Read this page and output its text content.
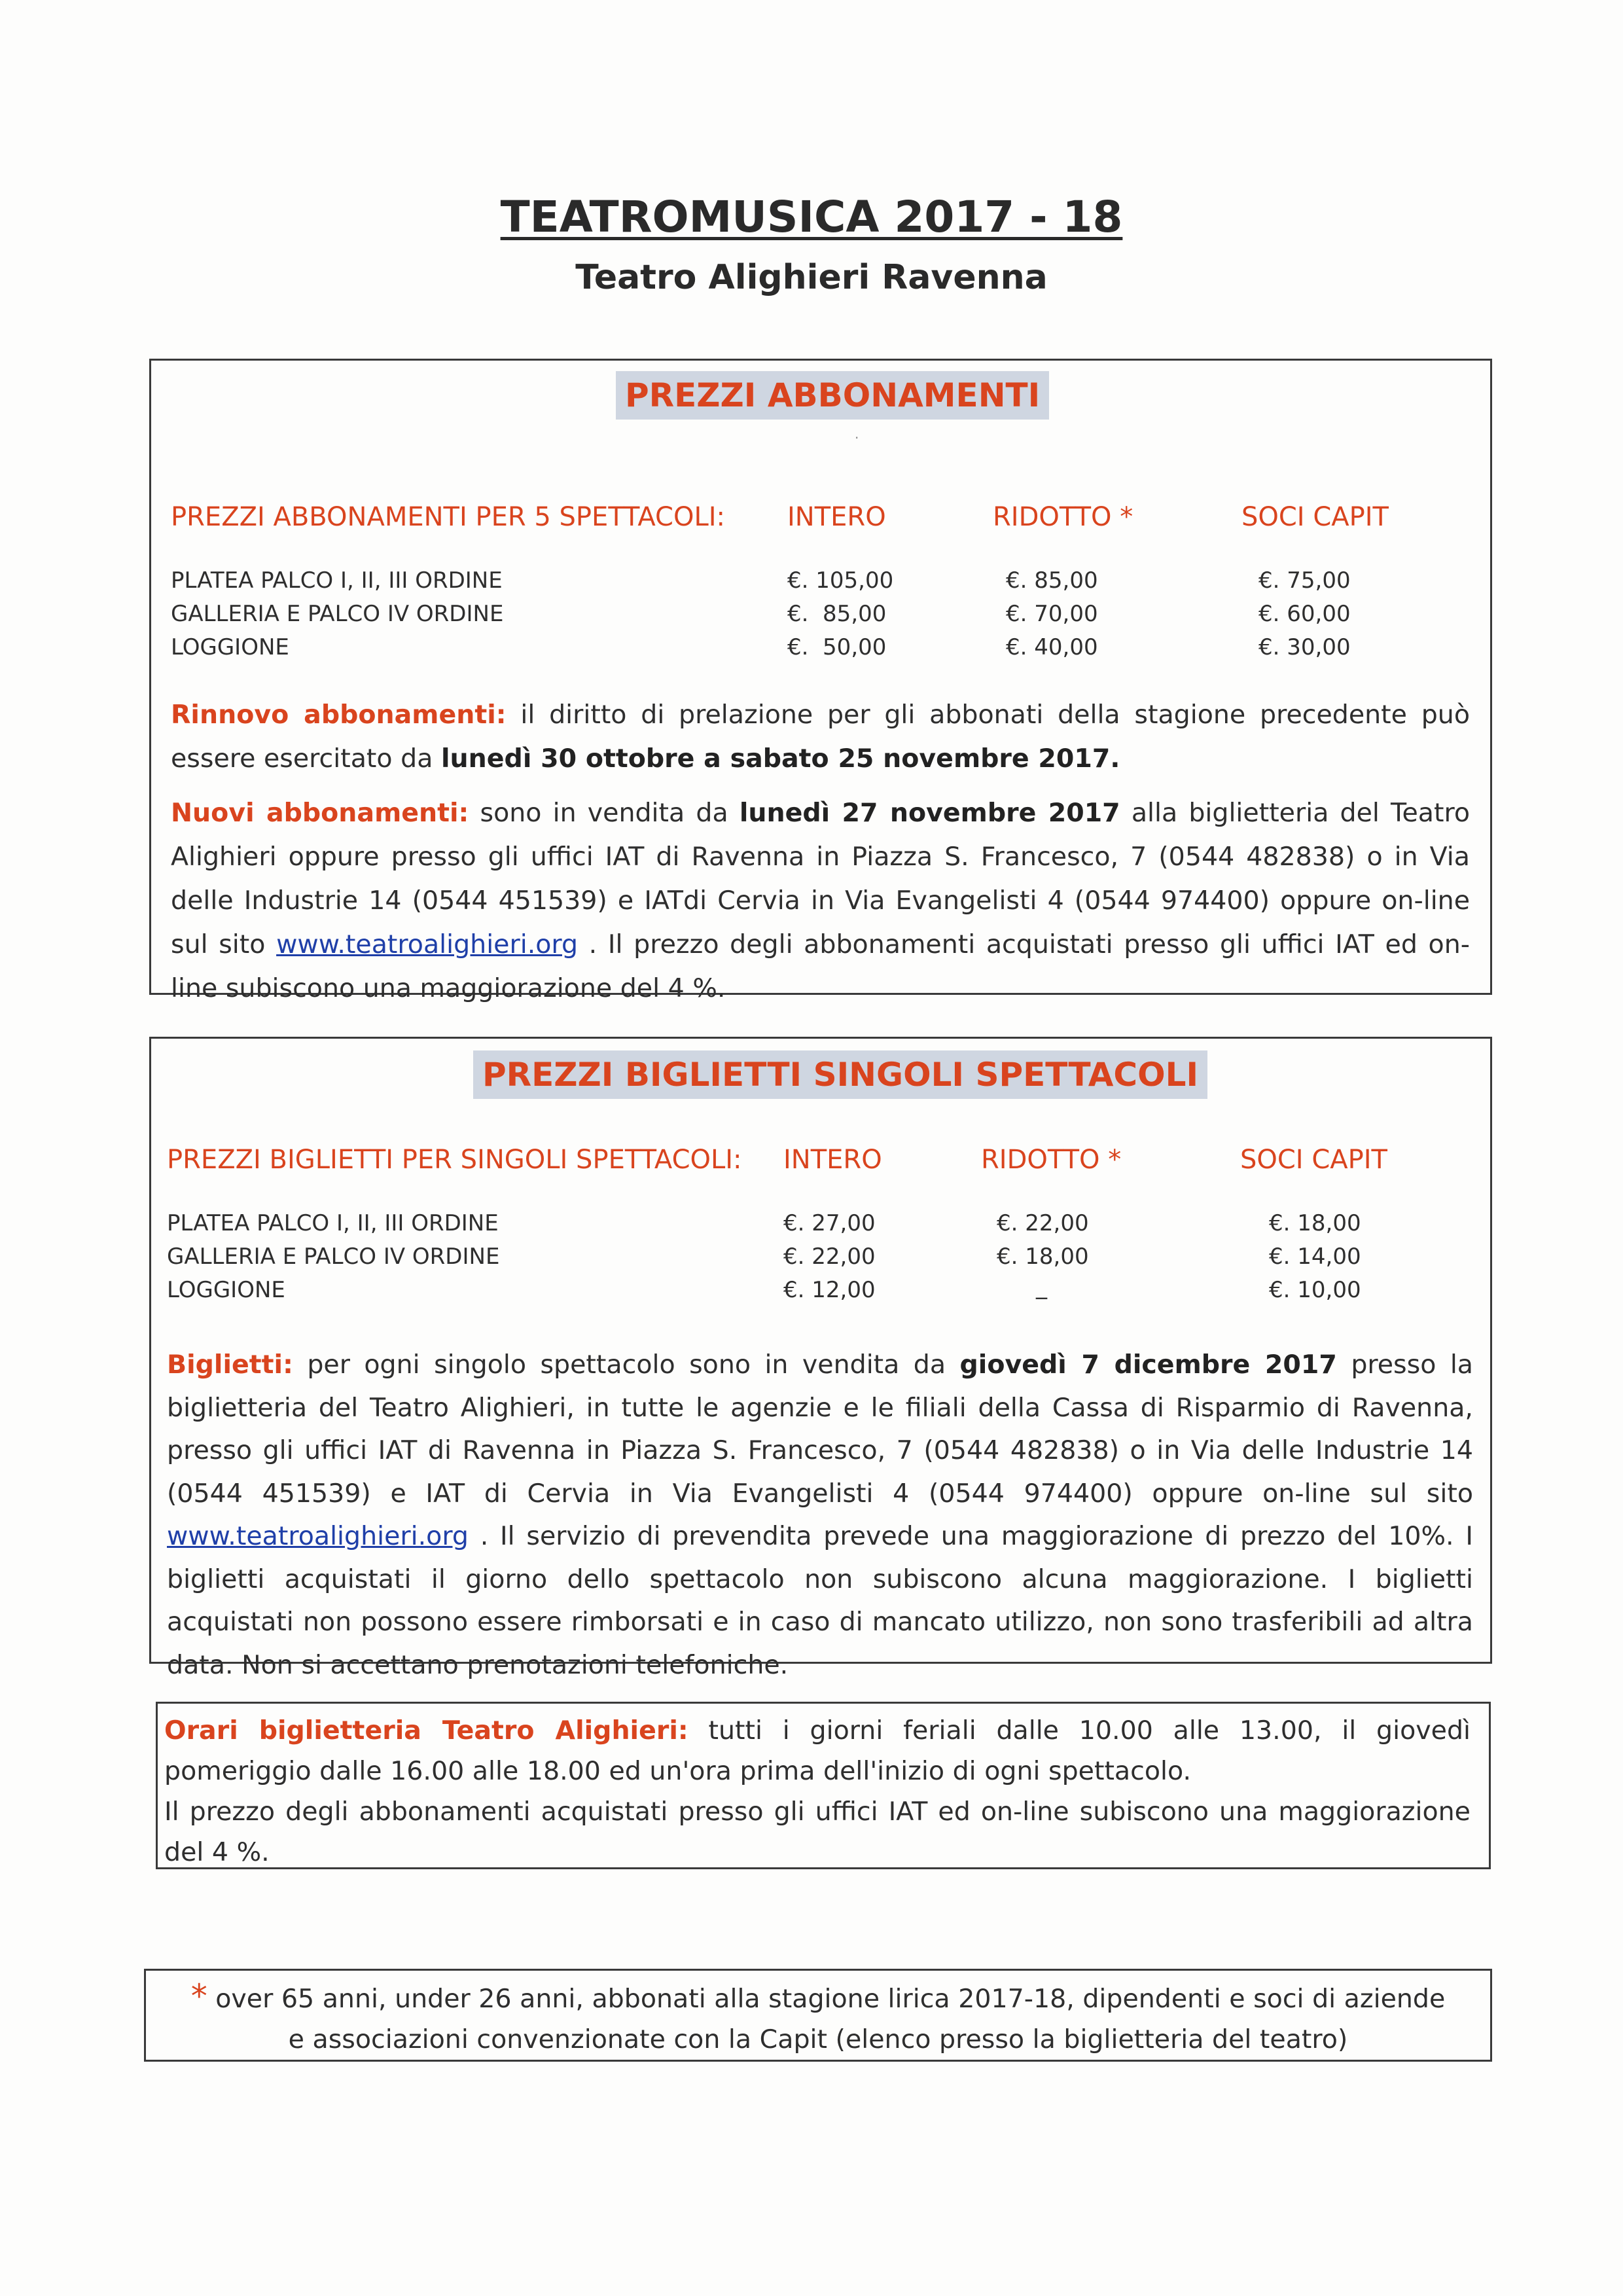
TEATROMUSICA 2017 - 18
Teatro Alighieri Ravenna
PREZZI ABBONAMENTI
.
PREZZI ABBONAMENTI PER 5 SPETTACOLI: INTERO	RIDOTTO *	SOCI CAPIT
PLATEA PALCO I, II, III ORDINE	€. 105,00	€. 85,00	€. 75,00
GALLERIA E PALCO IV ORDINE	€.  85,00	€. 70,00	€. 60,00
LOGGIONE	€.  50,00	€. 40,00	€. 30,00
Rinnovo abbonamenti: il diritto di prelazione per gli abbonati della stagione precedente può essere esercitato da lunedì 30 ottobre a sabato 25 novembre 2017.
Nuovi abbonamenti: sono in vendita da lunedì 27 novembre 2017 alla biglietteria del Teatro Alighieri oppure presso gli uffici IAT di Ravenna in Piazza S. Francesco, 7 (0544 482838) o in Via delle Industrie 14 (0544 451539) e IATdi Cervia in Via Evangelisti 4 (0544 974400) oppure on-line sul sito www.teatroalighieri.org . Il prezzo degli abbonamenti acquistati presso gli uffici IAT ed on-line subiscono una maggiorazione del 4 %.
PREZZI BIGLIETTI SINGOLI SPETTACOLI
PREZZI BIGLIETTI PER SINGOLI SPETTACOLI: INTERO	RIDOTTO *	SOCI CAPIT
PLATEA PALCO I, II, III ORDINE	€. 27,00	€. 22,00	€. 18,00
GALLERIA E PALCO IV ORDINE	€. 22,00	€. 18,00	€. 14,00
LOGGIONE	€. 12,00	_	€. 10,00
Biglietti: per ogni singolo spettacolo sono in vendita da giovedì 7 dicembre 2017 presso la biglietteria del Teatro Alighieri, in tutte le agenzie e le filiali della Cassa di Risparmio di Ravenna, presso gli uffici IAT di Ravenna in Piazza S. Francesco, 7 (0544 482838) o in Via delle Industrie 14 (0544 451539) e IAT di Cervia in Via Evangelisti 4 (0544 974400) oppure on-line sul sito www.teatroalighieri.org . Il servizio di prevendita prevede una maggiorazione di prezzo del 10%. I biglietti acquistati il giorno dello spettacolo non subiscono alcuna maggiorazione. I biglietti acquistati non possono essere rimborsati e in caso di mancato utilizzo, non sono trasferibili ad altra data. Non si accettano prenotazioni telefoniche.
Orari biglietteria Teatro Alighieri: tutti i giorni feriali dalle 10.00 alle 13.00, il giovedì pomeriggio dalle 16.00 alle 18.00 ed un'ora prima dell'inizio di ogni spettacolo.
Il prezzo degli abbonamenti acquistati presso gli uffici IAT ed on-line subiscono una maggiorazione del 4 %.
* over 65 anni, under 26 anni, abbonati alla stagione lirica 2017-18, dipendenti e soci di aziende
e associazioni convenzionate con la Capit (elenco presso la biglietteria del teatro)
